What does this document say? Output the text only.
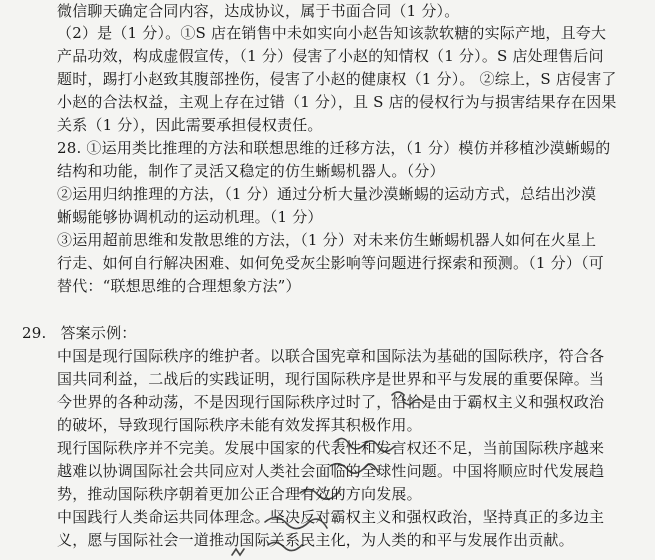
微信聊天确定合同内容，达成协议，属于书面合同（1 分）。
（2）是（1 分）。①S 店在销售中未如实向小赵告知该款软糖的实际产地，且夸大
产品功效，构成虚假宣传，（1 分）侵害了小赵的知情权（1 分）。S 店处理售后问
题时，踢打小赵致其腹部挫伤，侵害了小赵的健康权（1 分）。 ②综上，S 店侵害了
小赵的合法权益，主观上存在过错（1 分），且 S 店的侵权行为与损害结果存在因果
关系（1 分），因此需要承担侵权责任。
28. ①运用类比推理的方法和联想思维的迁移方法，（1 分）模仿并移植沙漠蜥蜴的
结构和功能，制作了灵活又稳定的仿生蜥蜴机器人。（分）
②运用归纳推理的方法，（1 分）通过分析大量沙漠蜥蜴的运动方式，总结出沙漠
蜥蜴能够协调机动的运动机理。（1 分）
③运用超前思维和发散思维的方法，（1 分）对未来仿生蜥蜴机器人如何在火星上
行走、如何自行解决困难、如何免受灰尘影响等问题进行探索和预测。（1 分）（可
替代：“联想思维的合理想象方法”）
29. 答案示例：
中国是现行国际秩序的维护者。以联合国宪章和国际法为基础的国际秩序，符合各
国共同利益，二战后的实践证明，现行国际秩序是世界和平与发展的重要保障。当
今世界的各种动荡，不是因现行国际秩序过时了，恰恰是由于霸权主义和强权政治
的破坏，导致现行国际秩序未能有效发挥其积极作用。
现行国际秩序并不完美。发展中国家的代表性和发言权还不足，当前国际秩序越来
越难以协调国际社会共同应对人类社会面临的全球性问题。中国将顺应时代发展趋
势，推动国际秩序朝着更加公正合理有效的方向发展。
中国践行人类命运共同体理念。坚决反对霸权主义和强权政治，坚持真正的多边主
义，愿与国际社会一道推动国际关系民主化，为人类的和平与发展作出贡献。
